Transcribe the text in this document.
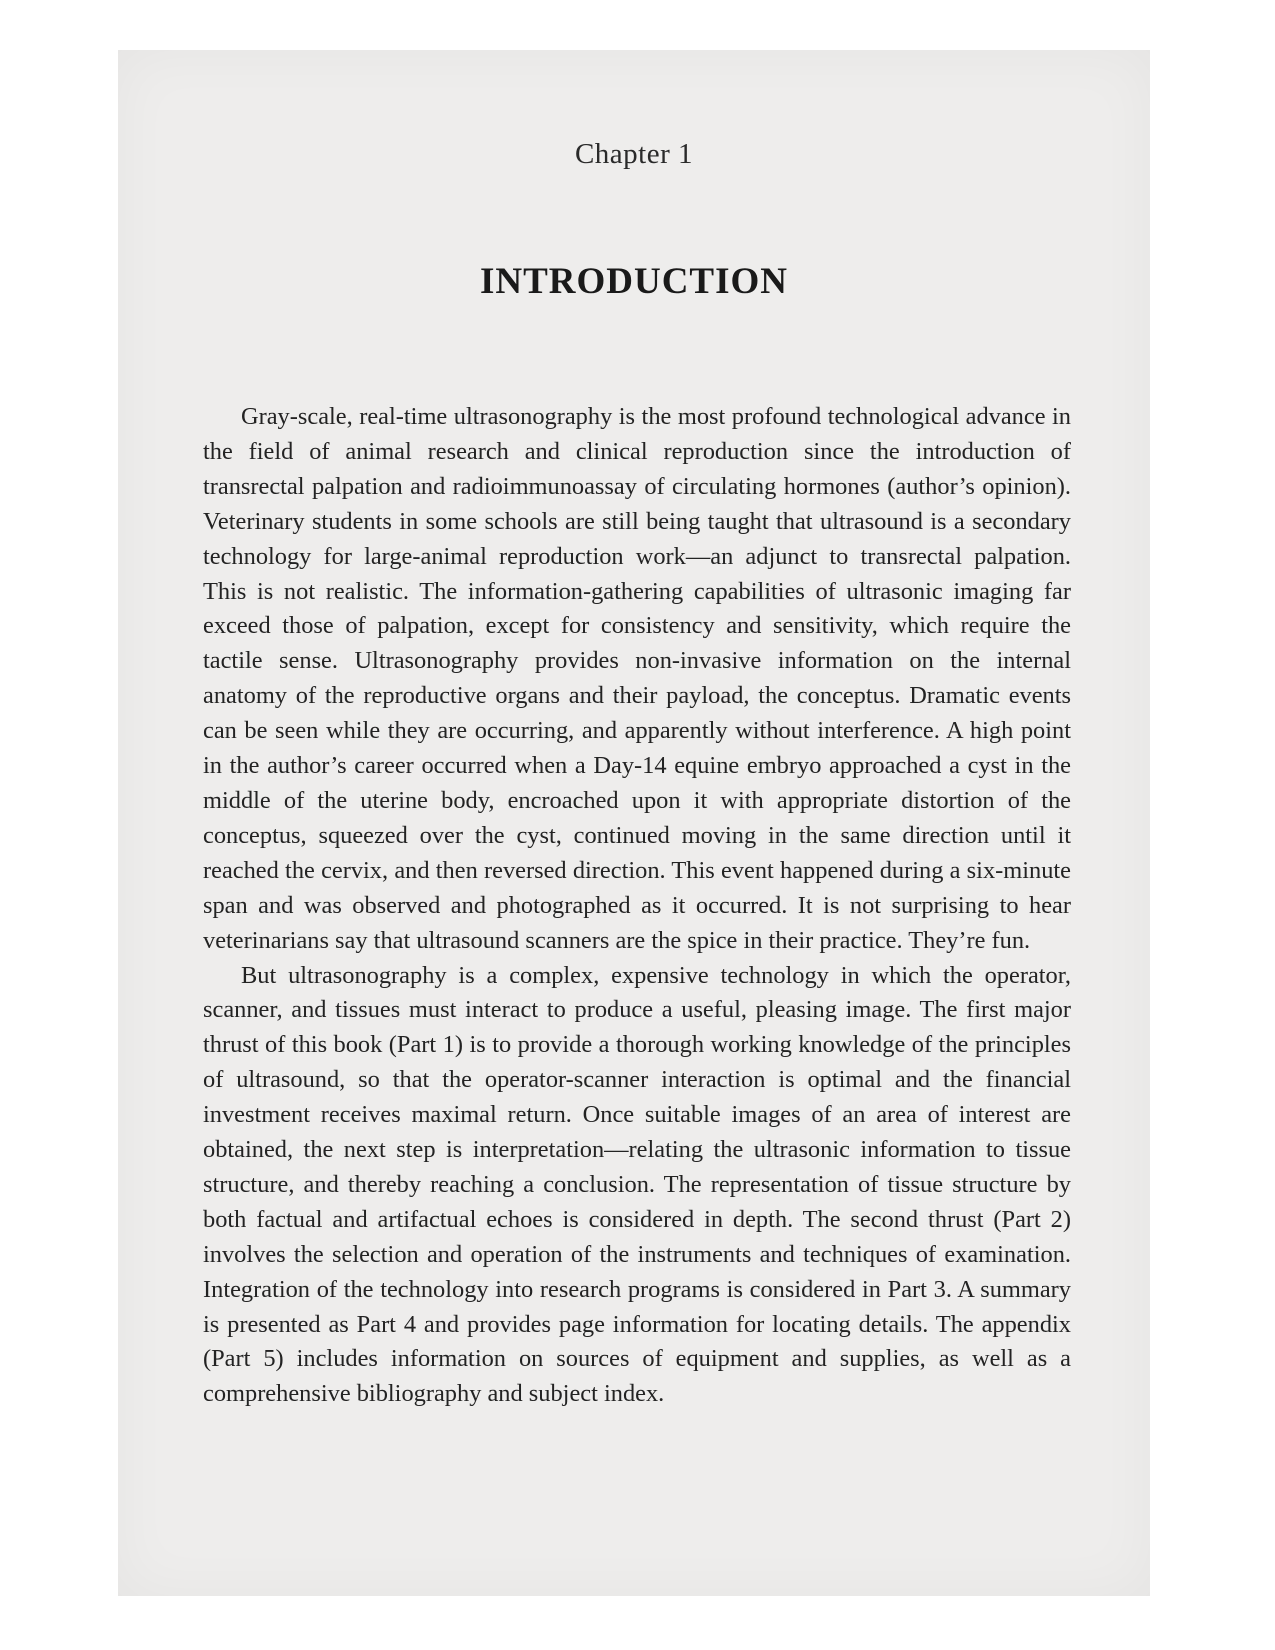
Chapter 1
INTRODUCTION

Gray-scale, real-time ultrasonography is the most profound technological advance in the field of animal research and clinical reproduction since the introduction of transrectal palpation and radioimmunoassay of circulating hormones (author’s opinion). Veterinary students in some schools are still being taught that ultrasound is a secondary technology for large-animal reproduction work—an adjunct to transrectal palpation. This is not realistic. The information-gathering capabilities of ultrasonic imaging far exceed those of palpation, except for consistency and sensitivity, which require the tactile sense. Ultrasonography provides non-invasive information on the internal anatomy of the reproductive organs and their payload, the conceptus. Dramatic events can be seen while they are occurring, and apparently without interference. A high point in the author’s career occurred when a Day-14 equine embryo approached a cyst in the middle of the uterine body, encroached upon it with appropriate distortion of the conceptus, squeezed over the cyst, continued moving in the same direction until it reached the cervix, and then reversed direction. This event happened during a six-minute span and was observed and photographed as it occurred. It is not surprising to hear veterinarians say that ultrasound scanners are the spice in their practice. They’re fun.

But ultrasonography is a complex, expensive technology in which the operator, scanner, and tissues must interact to produce a useful, pleasing image. The first major thrust of this book (Part 1) is to provide a thorough working knowledge of the principles of ultrasound, so that the operator-scanner interaction is optimal and the financial investment receives maximal return. Once suitable images of an area of interest are obtained, the next step is interpretation—relating the ultrasonic information to tissue structure, and thereby reaching a conclusion. The representation of tissue structure by both factual and artifactual echoes is considered in depth. The second thrust (Part 2) involves the selection and operation of the instruments and techniques of examination. Integration of the technology into research programs is considered in Part 3. A summary is presented as Part 4 and provides page information for locating details. The appendix (Part 5) includes information on sources of equipment and supplies, as well as a comprehensive bibliography and subject index.
